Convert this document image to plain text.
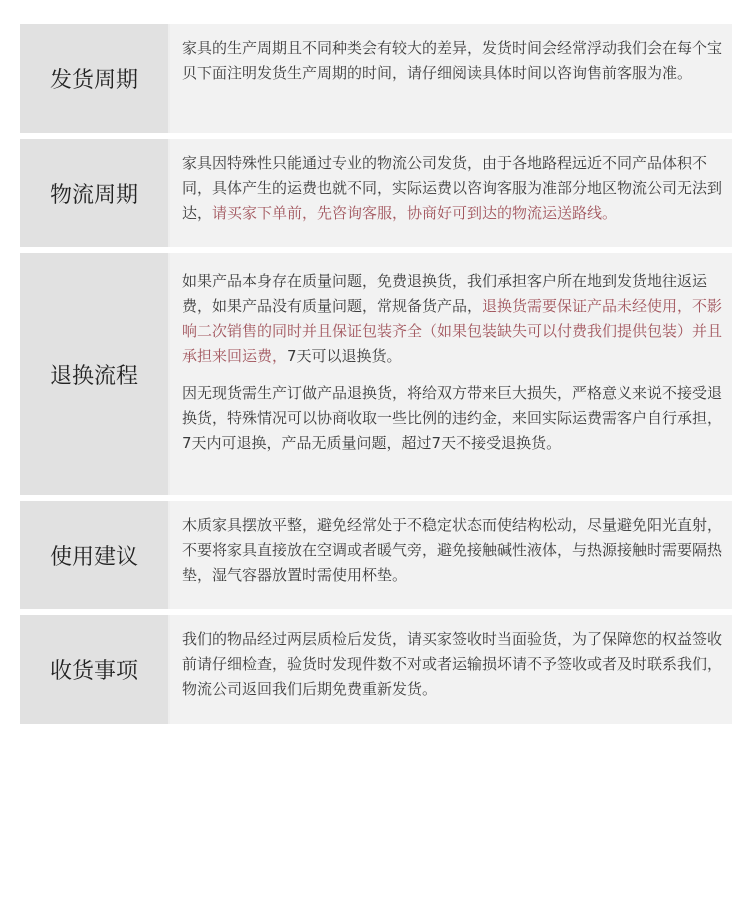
发货周期

家具的生产周期且不同种类会有较大的差异，发货时间会经常浮动我们会在每个宝贝下面注明发货生产周期的时间，请仔细阅读具体时间以咨询售前客服为准。

物流周期

家具因特殊性只能通过专业的物流公司发货，由于各地路程远近不同产品体积不同，具体产生的运费也就不同，实际运费以咨询客服为准部分地区物流公司无法到达，请买家下单前，先咨询客服，协商好可到达的物流运送路线。

退换流程

如果产品本身存在质量问题，免费退换货，我们承担客户所在地到发货地往返运费，如果产品没有质量问题，常规备货产品，退换货需要保证产品未经使用，不影响二次销售的同时并且保证包装齐全（如果包装缺失可以付费我们提供包装）并且承担来回运费，7天可以退换货。

因无现货需生产订做产品退换货，将给双方带来巨大损失，严格意义来说不接受退换货，特殊情况可以协商收取一些比例的违约金，来回实际运费需客户自行承担，7天内可退换，产品无质量问题，超过7天不接受退换货。

使用建议

木质家具摆放平整，避免经常处于不稳定状态而使结构松动，尽量避免阳光直射，不要将家具直接放在空调或者暖气旁，避免接触碱性液体，与热源接触时需要隔热垫，湿气容器放置时需使用杯垫。

收货事项

我们的物品经过两层质检后发货，请买家签收时当面验货，为了保障您的权益签收前请仔细检查，验货时发现件数不对或者运输损坏请不予签收或者及时联系我们，物流公司返回我们后期免费重新发货。
